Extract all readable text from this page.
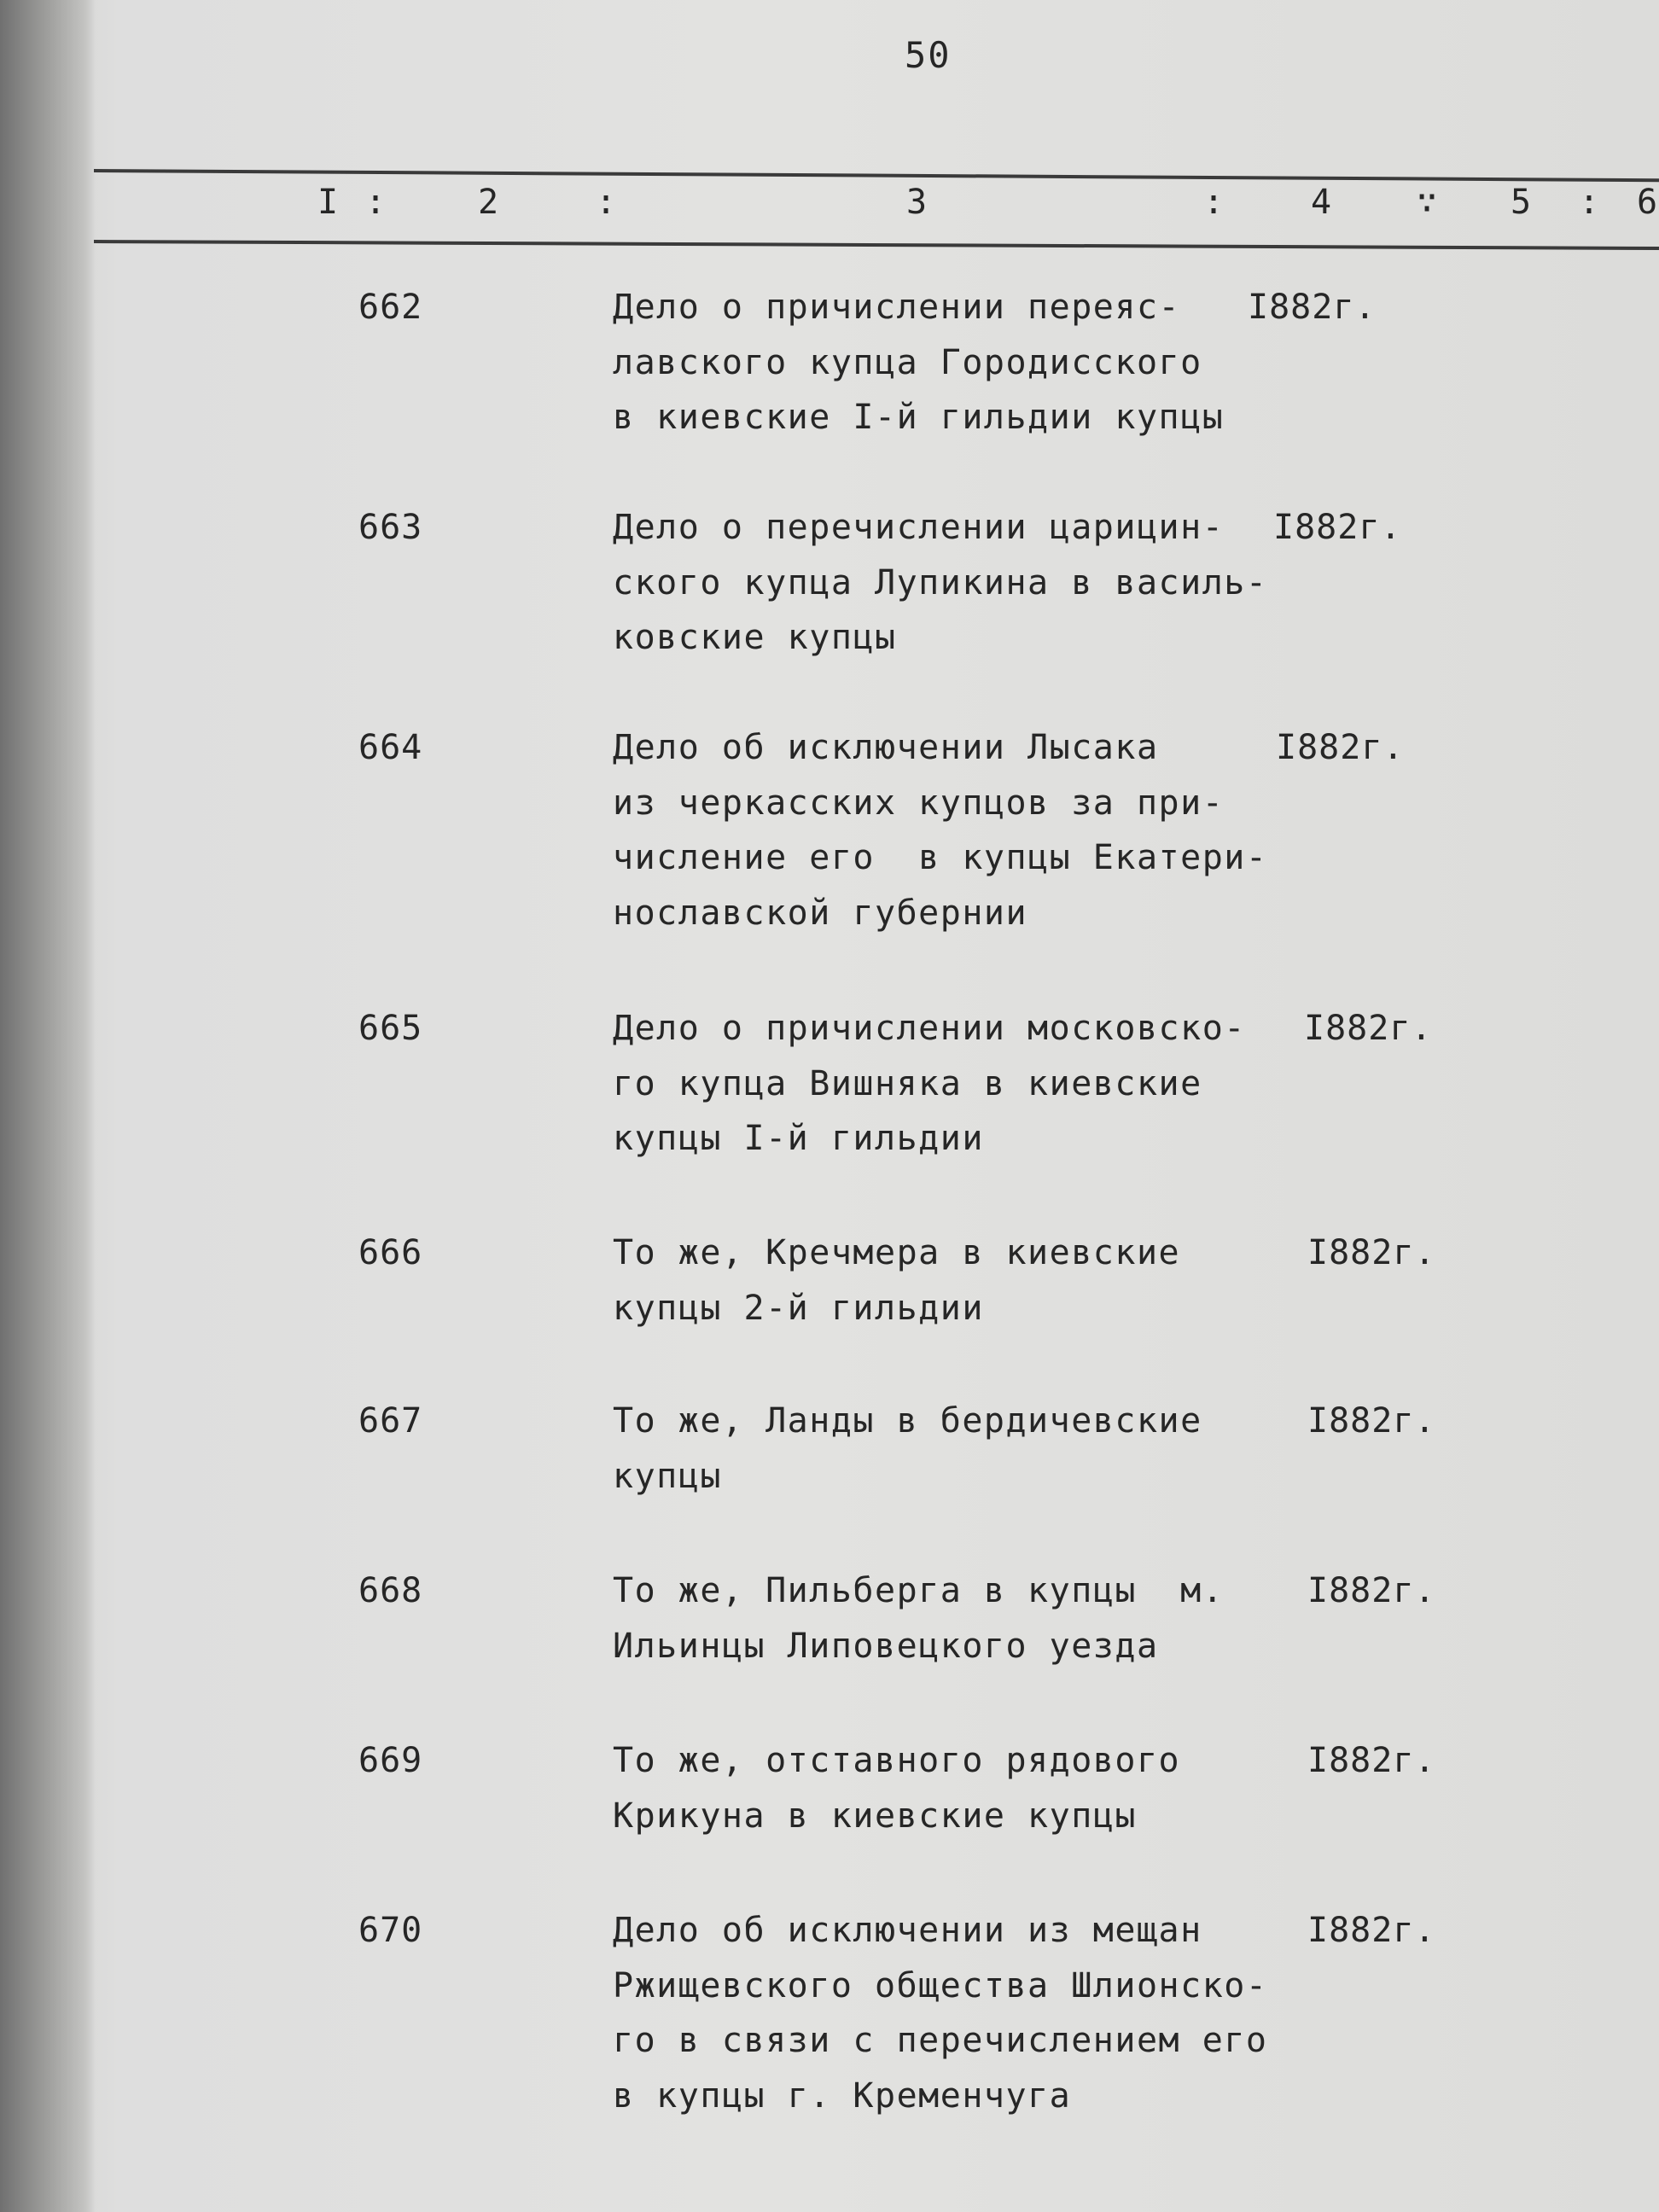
50
I :	2	:	3	:	4 ∵ 5 : 6
662	Дело о причислении переяс-
лавского купца Городисского
в киевские I-й гильдии купцы
I882г.
663	Дело о перечислении царицин-
ского купца Лупикина в василь-
ковские купцы
I882г.
664	Дело об исключении Лысака
из черкасских купцов за при-
числение его  в купцы Екатери-
нославской губернии
I882г.
665	Дело о причислении московско-
го купца Вишняка в киевские
купцы I-й гильдии
I882г.
666	То же, Кречмера в киевские
купцы 2-й гильдии
I882г.
667	То же, Ланды в бердичевские
купцы
I882г.
668	То же, Пильберга в купцы  м.
Ильинцы Липовецкого уезда
I882г.
669	То же, отставного рядового
Крикуна в киевские купцы
I882г.
670	Дело об исключении из мещан
Ржищевского общества Шлионско-
го в связи с перечислением его
в купцы г. Кременчуга
I882г.
